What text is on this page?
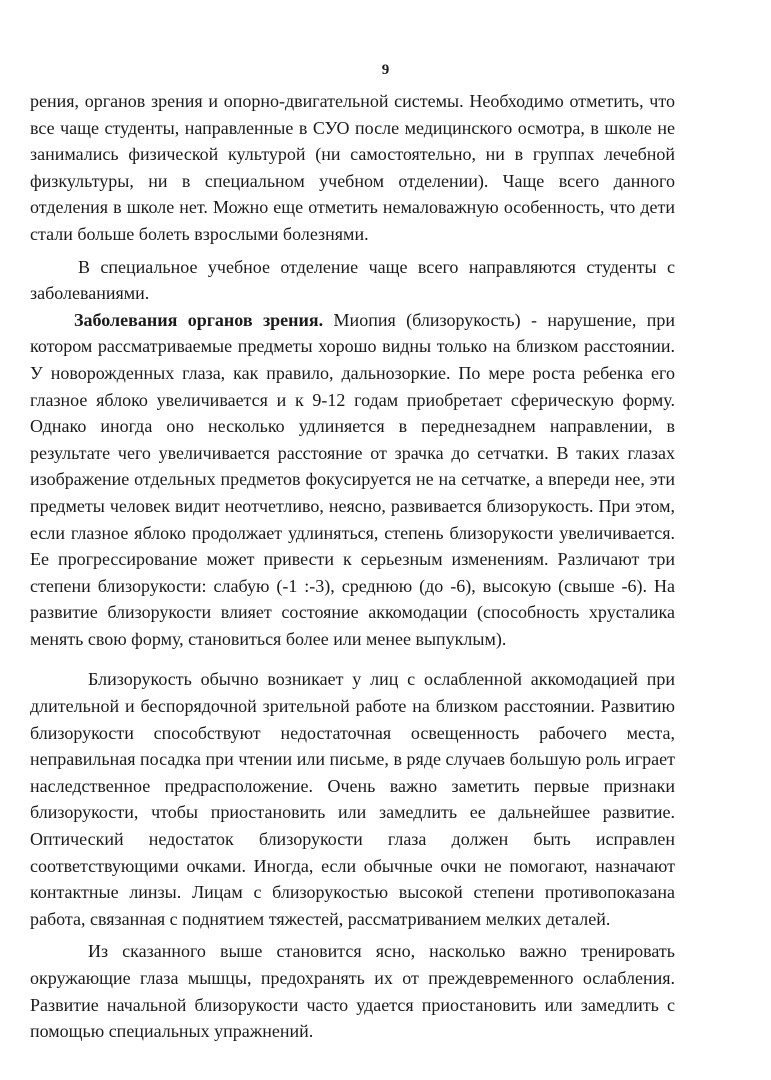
9

рения, органов зрения и опорно-двигательной системы. Необходимо отметить, что все чаще студенты, направленные в СУО после медицинского осмотра, в школе не занимались физической культурой (ни самостоятельно, ни в группах лечебной физкультуры, ни в специальном учебном отделении). Чаще всего данного отделения в школе нет. Можно еще отметить немаловажную особенность, что дети стали больше болеть взрослыми болезнями.

В специальное учебное отделение чаще всего направляются студенты с заболеваниями.

Заболевания органов зрения. Миопия (близорукость) - нарушение, при котором рассматриваемые предметы хорошо видны только на близком расстоянии. У новорожденных глаза, как правило, дальнозоркие. По мере роста ребенка его глазное яблоко увеличивается и к 9-12 годам приобретает сферическую форму. Однако иногда оно несколько удлиняется в переднезаднем направлении, в результате чего увеличивается расстояние от зрачка до сетчатки. В таких глазах изображение отдельных предметов фокусируется не на сетчатке, а впереди нее, эти предметы человек видит неотчетливо, неясно, развивается близорукость. При этом, если глазное яблоко продолжает удлиняться, степень близорукости увеличивается. Ее прогрессирование может привести к серьезным изменениям. Различают три степени близорукости: слабую (-1 :-3), среднюю (до -6), высокую (свыше -6). На развитие близорукости влияет состояние аккомодации (способность хрусталика менять свою форму, становиться более или менее выпуклым).

Близорукость обычно возникает у лиц с ослабленной аккомодацией при длительной и беспорядочной зрительной работе на близком расстоянии. Развитию близорукости способствуют недостаточная освещенность рабочего места, неправильная посадка при чтении или письме, в ряде случаев большую роль играет наследственное предрасположение. Очень важно заметить первые признаки близорукости, чтобы приостановить или замедлить ее дальнейшее развитие. Оптический недостаток близорукости глаза должен быть исправлен соответствующими очками. Иногда, если обычные очки не помогают, назначают контактные линзы. Лицам с близорукостью высокой степени противопоказана работа, связанная с поднятием тяжестей, рассматриванием мелких деталей.

Из сказанного выше становится ясно, насколько важно тренировать окружающие глаза мышцы, предохранять их от преждевременного ослабления. Развитие начальной близорукости часто удается приостановить или замедлить с помощью специальных упражнений.
